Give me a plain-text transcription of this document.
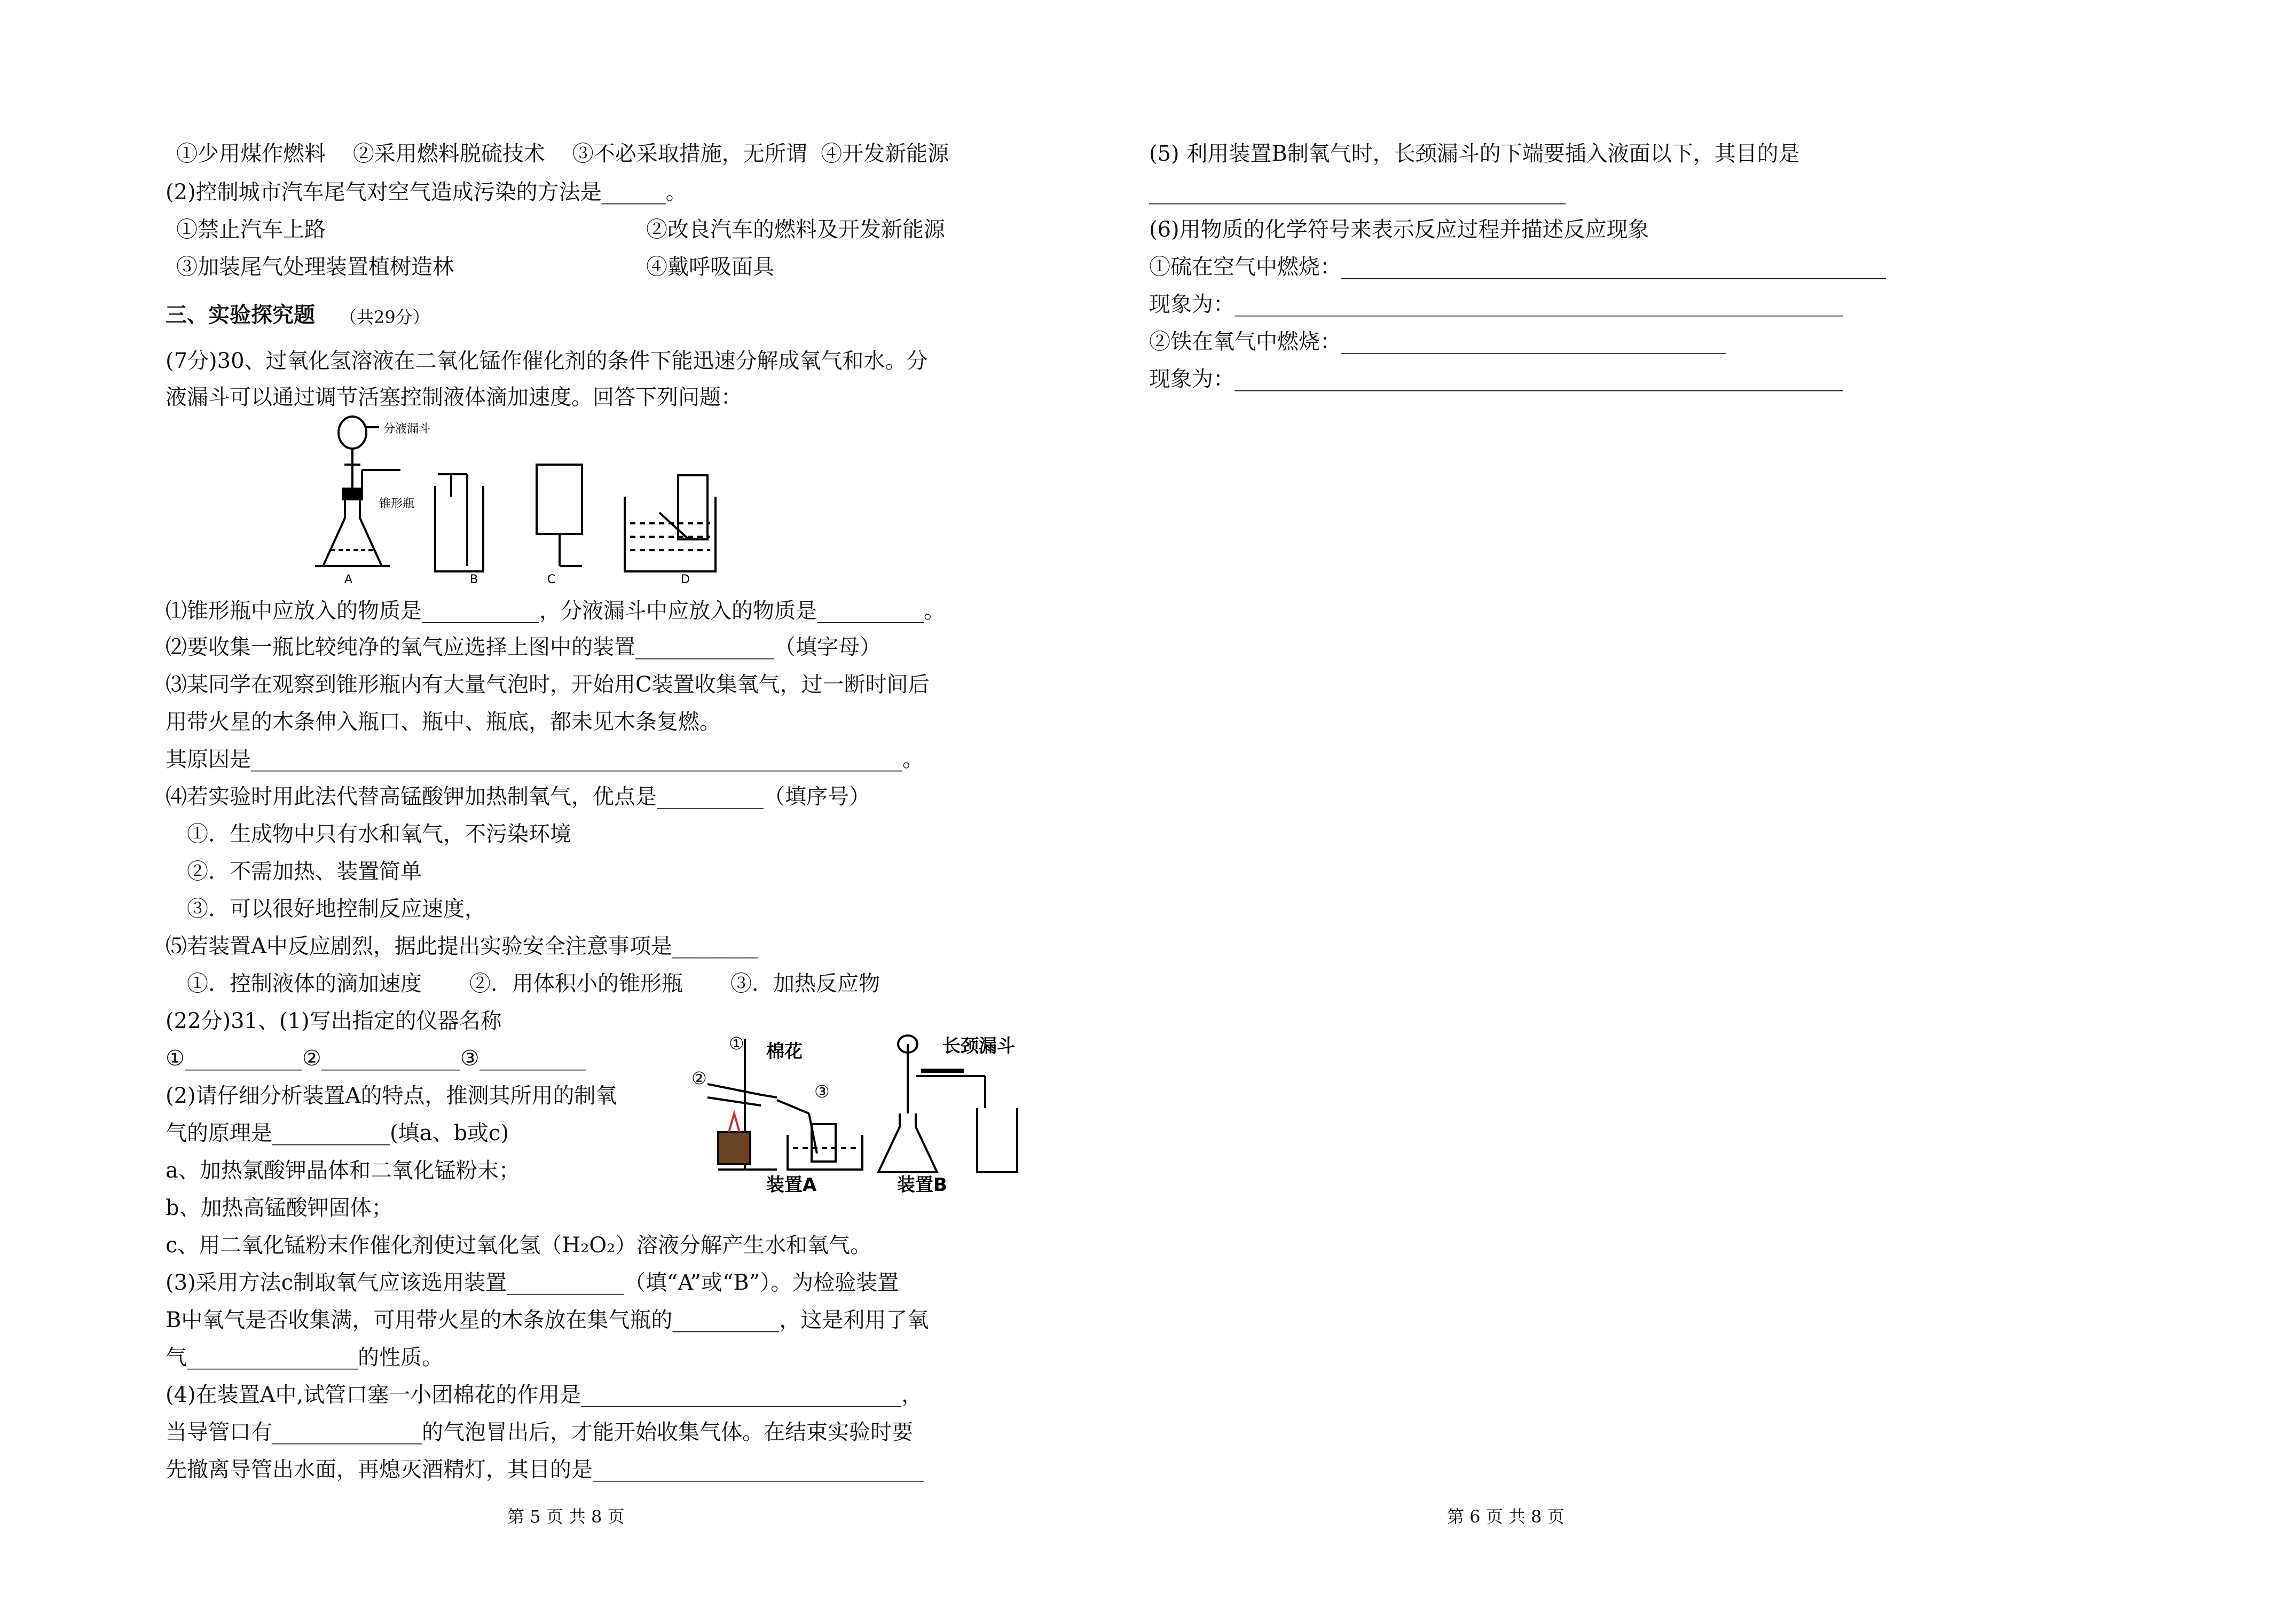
①少用煤作燃料    ②采用燃料脱硫技术    ③不必采取措施，无所谓  ④开发新能源
(2)控制城市汽车尾气对空气造成污染的方法是______。
①禁止汽车上路	②改良汽车的燃料及开发新能源
③加装尾气处理装置植树造林	④戴呼吸面具
三、实验探究题 （共29分）
(7分)30、过氧化氢溶液在二氧化锰作催化剂的条件下能迅速分解成氧气和水。分
液漏斗可以通过调节活塞控制液体滴加速度。回答下列问题：
分液漏斗
锥形瓶
A	B	C	D
⑴锥形瓶中应放入的物质是___________，分液漏斗中应放入的物质是__________。
⑵要收集一瓶比较纯净的氧气应选择上图中的装置_____________（填字母）
⑶某同学在观察到锥形瓶内有大量气泡时，开始用C装置收集氧气，过一断时间后
用带火星的木条伸入瓶口、瓶中、瓶底，都未见木条复燃。
其原因是_____________________________________________________________。
⑷若实验时用此法代替高锰酸钾加热制氧气，优点是__________（填序号）
①．生成物中只有水和氧气，不污染环境
②．不需加热、装置简单
③．可以很好地控制反应速度，
⑸若装置A中反应剧烈，据此提出实验安全注意事项是________
①．控制液体的滴加速度       ②．用体积小的锥形瓶       ③．加热反应物
(22分)31、(1)写出指定的仪器名称
①___________②_____________③__________
(2)请仔细分析装置A的特点，推测其所用的制氧
气的原理是___________(填a、b或c)
①
②
③
棉花	长颈漏斗
装置A	装置B
a、加热氯酸钾晶体和二氧化锰粉末；
b、加热高锰酸钾固体；
c、用二氧化锰粉末作催化剂使过氧化氢（H₂O₂）溶液分解产生水和氧气。
(3)采用方法c制取氧气应该选用装置___________（填“A”或“B”）。为检验装置
B中氧气是否收集满，可用带火星的木条放在集气瓶的__________，这是利用了氧
气________________的性质。
(4)在装置A中,试管口塞一小团棉花的作用是______________________________，
当导管口有______________的气泡冒出后，才能开始收集气体。在结束实验时要
先撤离导管出水面，再熄灭酒精灯，其目的是_______________________________
第 5 页 共 8 页
(5) 利用装置B制氧气时，长颈漏斗的下端要插入液面以下，其目的是
_______________________________________
(6)用物质的化学符号来表示反应过程并描述反应现象
①硫在空气中燃烧：___________________________________________________
现象为：_________________________________________________________
②铁在氧气中燃烧：____________________________________
现象为：_________________________________________________________
第 6 页 共 8 页
